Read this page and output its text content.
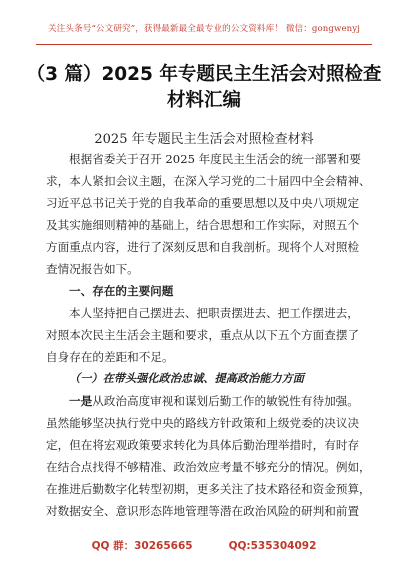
关注头条号“公文研究”，获得最新最全最专业的公文资料库！ 微信：gongwenyj
（3 篇）2025 年专题民主生活会对照检查
材料汇编
2025 年专题民主生活会对照检查材料
根据省委关于召开 2025 年度民主生活会的统一部署和要
求，本人紧扣会议主题，在深入学习党的二十届四中全会精神、
习近平总书记关于党的自我革命的重要思想以及中央八项规定
及其实施细则精神的基础上，结合思想和工作实际，对照五个
方面重点内容，进行了深刻反思和自我剖析。现将个人对照检
查情况报告如下。
一、存在的主要问题
本人坚持把自己摆进去、把职责摆进去、把工作摆进去，
对照本次民主生活会主题和要求，重点从以下五个方面查摆了
自身存在的差距和不足。
（一）在带头强化政治忠诚、提高政治能力方面
一是从政治高度审视和谋划后勤工作的敏锐性有待加强。
虽然能够坚决执行党中央的路线方针政策和上级党委的决议决
定，但在将宏观政策要求转化为具体后勤治理举措时，有时存
在结合点找得不够精准、政治效应考量不够充分的情况。例如，
在推进后勤数字化转型初期，更多关注了技术路径和资金预算，
对数据安全、意识形态阵地管理等潜在政治风险的研判和前置
QQ 群：30265665	QQ:535304092
